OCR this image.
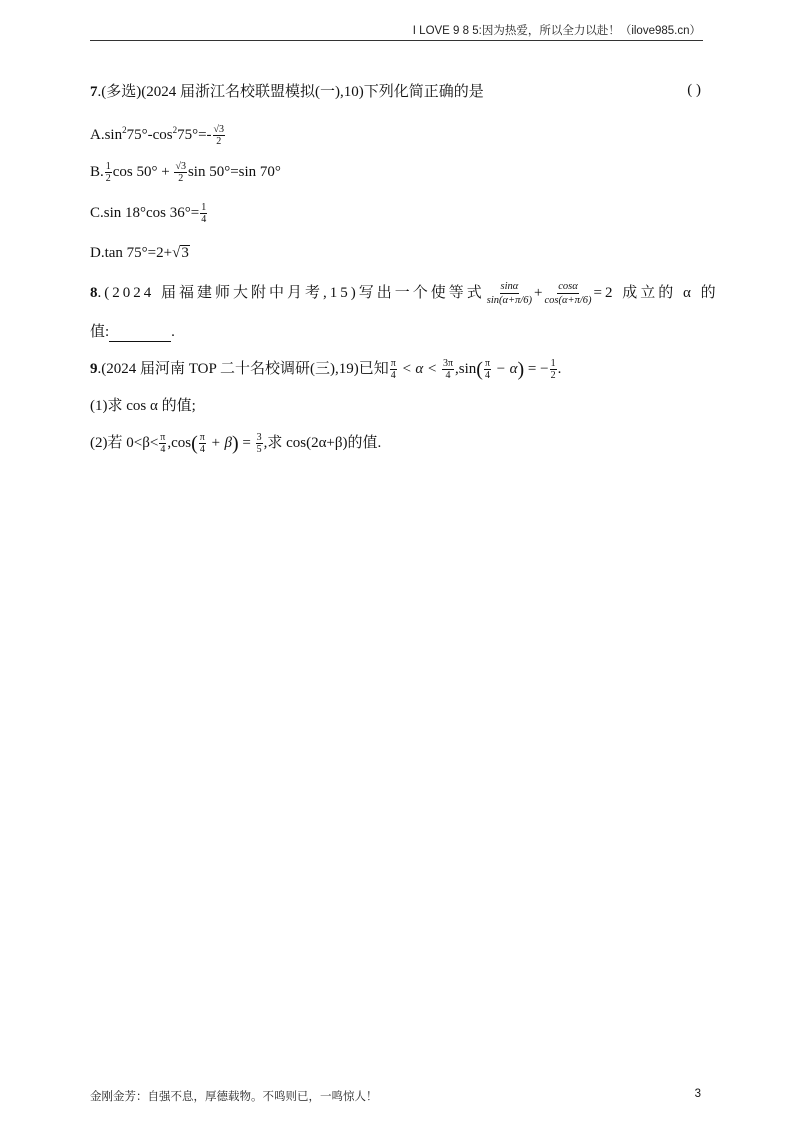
I LOVE 9 8 5:因为热爱，所以全力以赴！（ilove985.cn）
7.(多选)(2024 届浙江名校联盟模拟(一),10)下列化简正确的是	( )
$A.\sin^275^\circ-\cos^275^\circ=- \frac{√3}{2}$
B. $\frac{1}{2}$ $\cos 50^\circ + \frac{√3}{2}$ sin 50°=sin 70°
C.sin 18°cos $36^\circ= \frac{1}{4}$
D.tan 75°=2+√3
8.(2024 届福建师大附中月考,15)写出一个使等式 $\frac{\sin\alpha}{\sin(\alpha+\pi/6)} + \frac{\cos\alpha}{\cos(\alpha+\pi/6)} =2$ 成立的 α 的
值:	.
9.(2024 届河南 TOP 二十名校调研(三),19)已知 $\frac{\pi}{4} < \alpha < \frac{3\pi}{4} ,\sin( \frac{\pi}{4} - \alpha)$ = − $\frac{1}{2}$ .
(1)求 cos α 的值;
(2)若 $0<\beta< \frac{\pi}{4} ,\cos( \frac{\pi}{4} + \beta) = \frac{3}{5}$ ,求 cos(2α+β)的值.
金刚金芳：自强不息，厚德载物。不鸣则已，一鸣惊人！	3
